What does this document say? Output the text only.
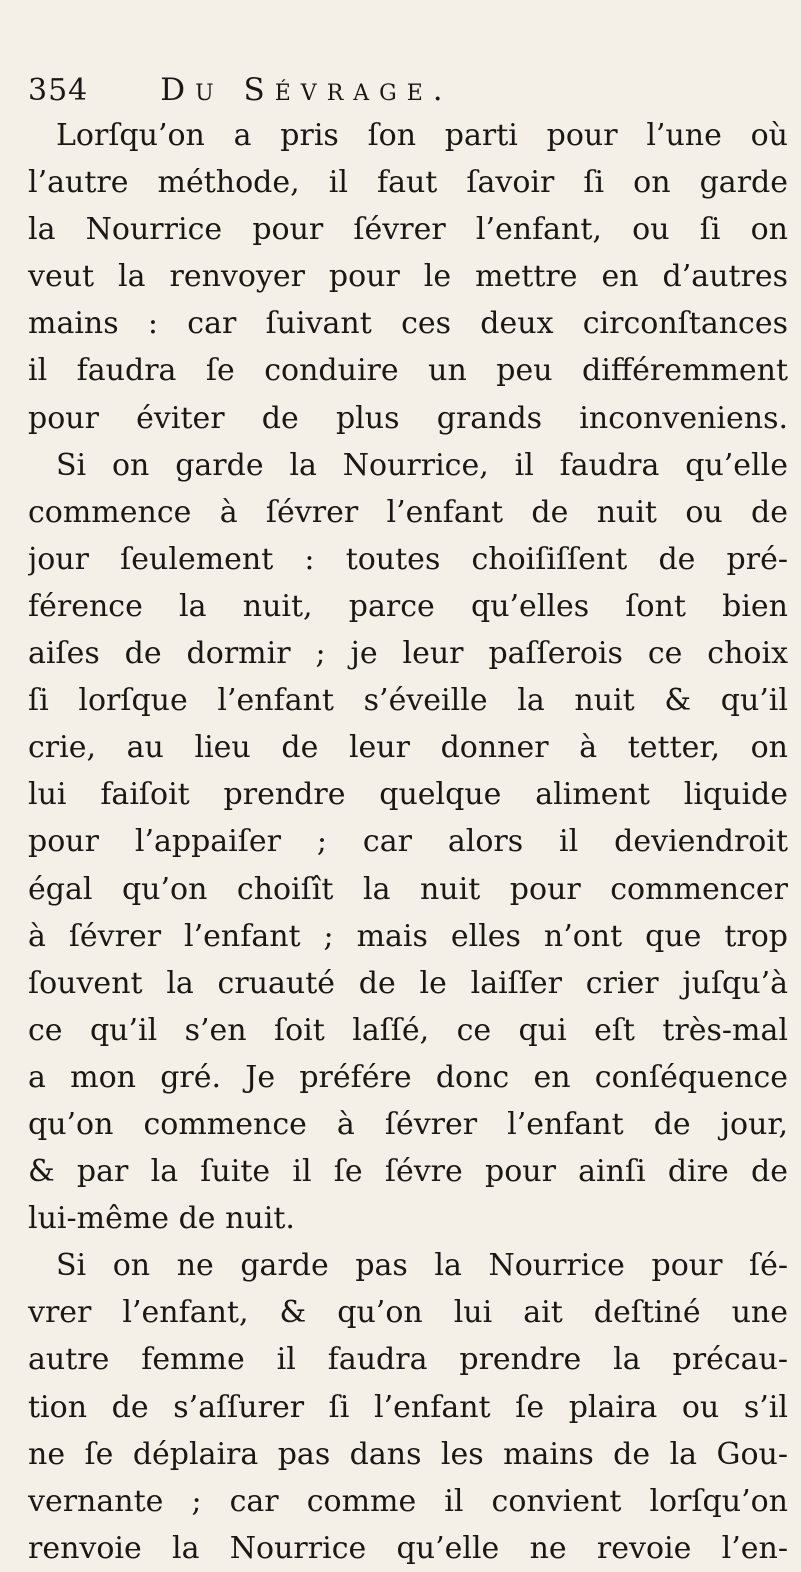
354 Du Sévrage.
Lorſqu’on a pris ſon parti pour l’une où
l’autre méthode, il faut ſavoir ſi on garde
la Nourrice pour ſévrer l’enfant, ou ſi on
veut la renvoyer pour le mettre en d’autres
mains : car ſuivant ces deux circonſtances
il faudra ſe conduire un peu différemment
pour éviter de plus grands inconveniens.
Si on garde la Nourrice, il faudra qu’elle
commence à ſévrer l’enfant de nuit ou de
jour ſeulement : toutes choiſiſſent de pré-
férence la nuit, parce qu’elles ſont bien
aiſes de dormir ; je leur paſſerois ce choix
ſi lorſque l’enfant s’éveille la nuit & qu’il
crie, au lieu de leur donner à tetter, on
lui faiſoit prendre quelque aliment liquide
pour l’appaiſer ; car alors il deviendroit
égal qu’on choiſît la nuit pour commencer
à ſévrer l’enfant ; mais elles n’ont que trop
ſouvent la cruauté de le laiſſer crier juſqu’à
ce qu’il s’en ſoit laſſé, ce qui eſt très-mal
a mon gré. Je préfére donc en conſéquence
qu’on commence à ſévrer l’enfant de jour,
& par la ſuite il ſe ſévre pour ainſi dire de
lui-même de nuit.
Si on ne garde pas la Nourrice pour ſé-
vrer l’enfant, & qu’on lui ait deſtiné une
autre femme il faudra prendre la précau-
tion de s’aſſurer ſi l’enfant ſe plaira ou s’il
ne ſe déplaira pas dans les mains de la Gou-
vernante ; car comme il convient lorſqu’on
renvoie la Nourrice qu’elle ne revoie l’en-
